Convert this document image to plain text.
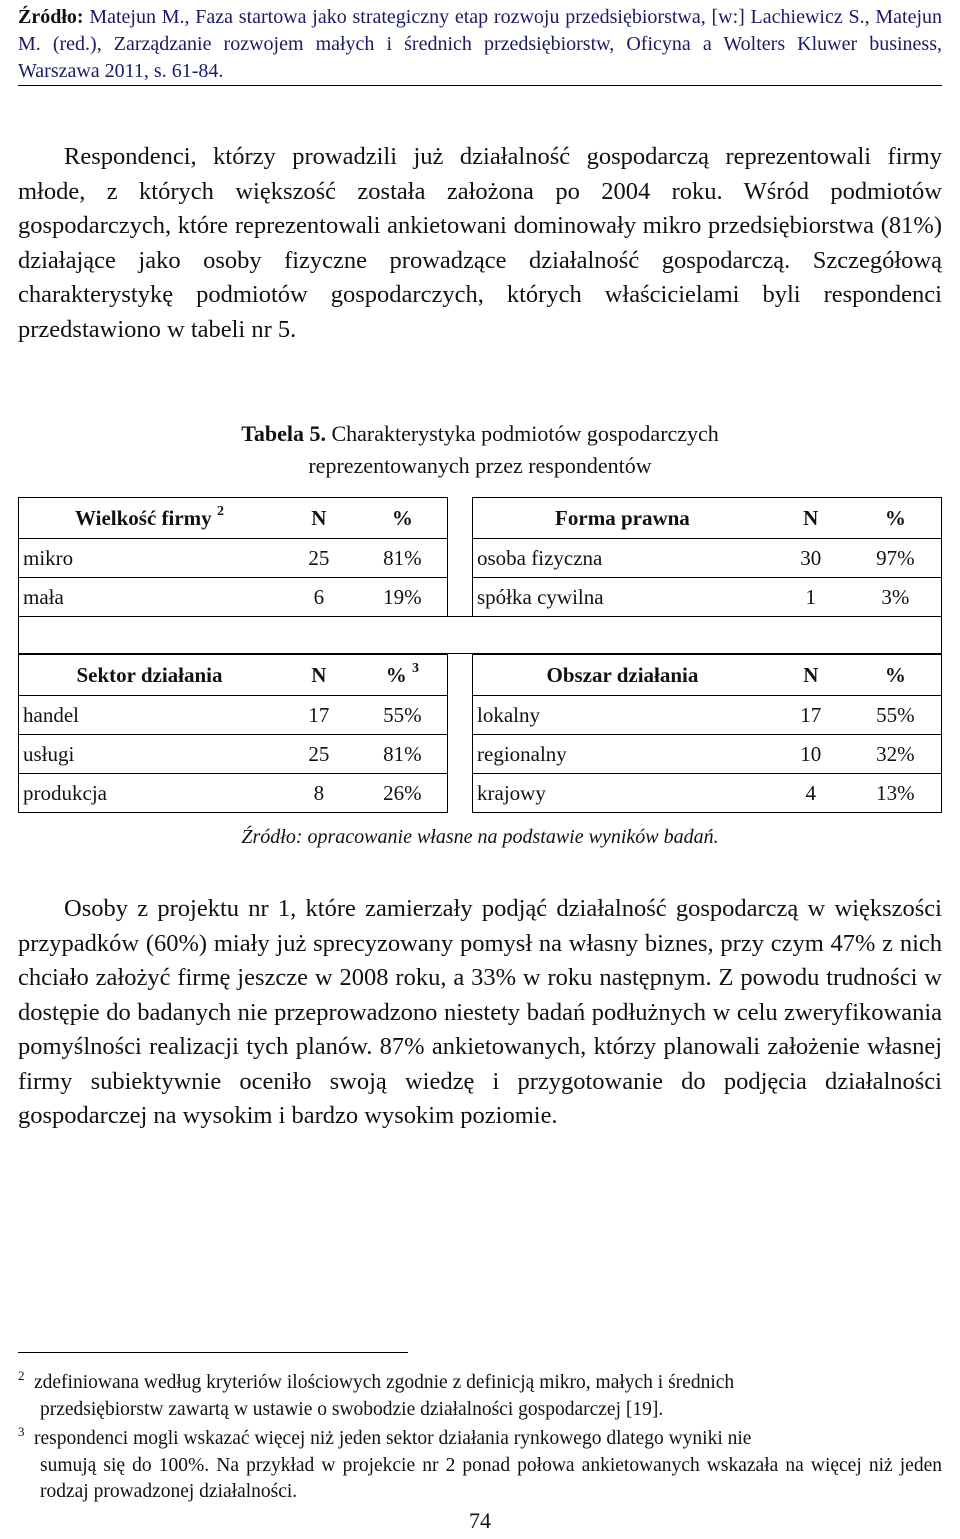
Źródło: Matejun M., Faza startowa jako strategiczny etap rozwoju przedsiębiorstwa, [w:] Lachiewicz S., Matejun M. (red.), Zarządzanie rozwojem małych i średnich przedsiębiorstw, Oficyna a Wolters Kluwer business, Warszawa 2011, s. 61-84.
Respondenci, którzy prowadzili już działalność gospodarczą reprezentowali firmy młode, z których większość została założona po 2004 roku. Wśród podmiotów gospodarczych, które reprezentowali ankietowani dominowały mikro przedsiębiorstwa (81%) działające jako osoby fizyczne prowadzące działalność gospodarczą. Szczegółową charakterystykę podmiotów gospodarczych, których właścicielami byli respondenci przedstawiono w tabeli nr 5.
Tabela 5. Charakterystyka podmiotów gospodarczych
reprezentowanych przez respondentów
Wielkość firmy $^2$	N	%
mikro	25	81%
mała	6	19%
Forma prawna	N	%
osoba fizyczna	30	97%
spółka cywilna	1	3%
Sektor działania	N	% $^3$
handel	17	55%
usługi	25	81%
produkcja	8	26%
Obszar działania	N	%
lokalny	17	55%
regionalny	10	32%
krajowy	4	13%
Źródło: opracowanie własne na podstawie wyników badań.
Osoby z projektu nr 1, które zamierzały podjąć działalność gospodarczą w większości przypadków (60%) miały już sprecyzowany pomysł na własny biznes, przy czym 47% z nich chciało założyć firmę jeszcze w 2008 roku, a 33% w roku następnym. Z powodu trudności w dostępie do badanych nie przeprowadzono niestety badań podłużnych w celu zweryfikowania pomyślności realizacji tych planów. 87% ankietowanych, którzy planowali założenie własnej firmy subiektywnie oceniło swoją wiedzę i przygotowanie do podjęcia działalności gospodarczej na wysokim i bardzo wysokim poziomie.
2 zdefiniowana według kryteriów ilościowych zgodnie z definicją mikro, małych i średnich
przedsiębiorstw zawartą w ustawie o swobodzie działalności gospodarczej [19].
3 respondenci mogli wskazać więcej niż jeden sektor działania rynkowego dlatego wyniki nie
sumują się do 100%. Na przykład w projekcie nr 2 ponad połowa ankietowanych wskazała na więcej niż jeden rodzaj prowadzonej działalności.
74
